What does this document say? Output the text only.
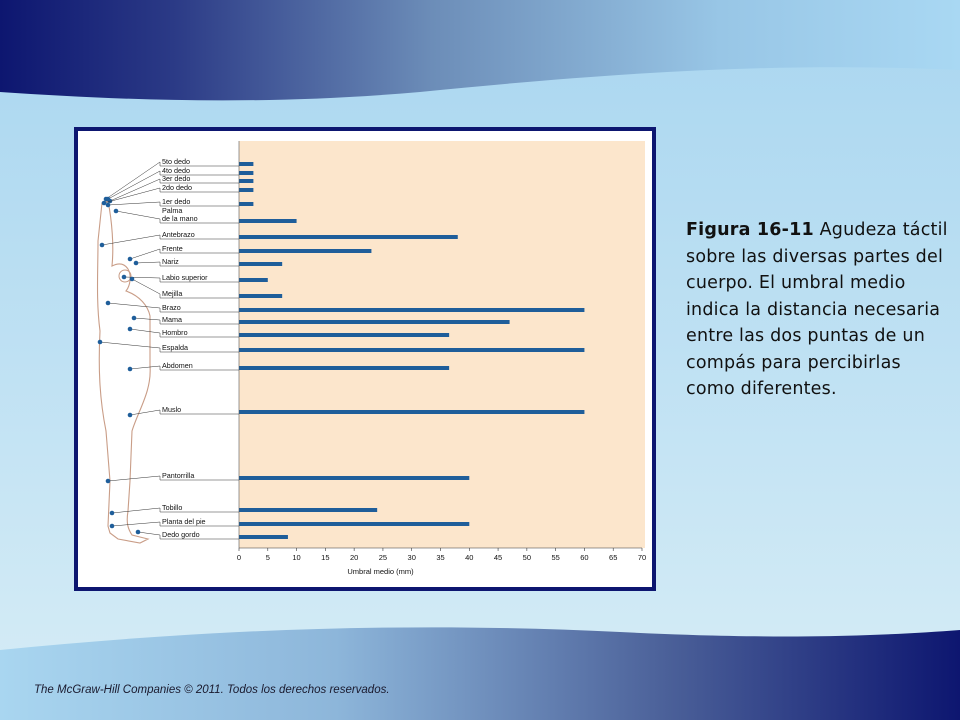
5to dedo
4to dedo
3er dedo
2do dedo
1er dedo
Palma de la mano
Antebrazo
Frente
Nariz
Labio superior
Mejilla
Brazo
Mama
Hombro
Espalda
Abdomen
Muslo
Pantorrilla
Tobillo
Planta del pie
Dedo gordo
0	5	10	15	20	25	30	35	40	45	50	55	60	65	70
Umbral medio (mm)
Figura 16-11 Agudeza táctil sobre las diversas partes del cuerpo. El umbral medio indica la distancia necesaria entre las dos puntas de un compás para percibirlas como diferentes.
The McGraw-Hill Companies © 2011. Todos los derechos reservados.
